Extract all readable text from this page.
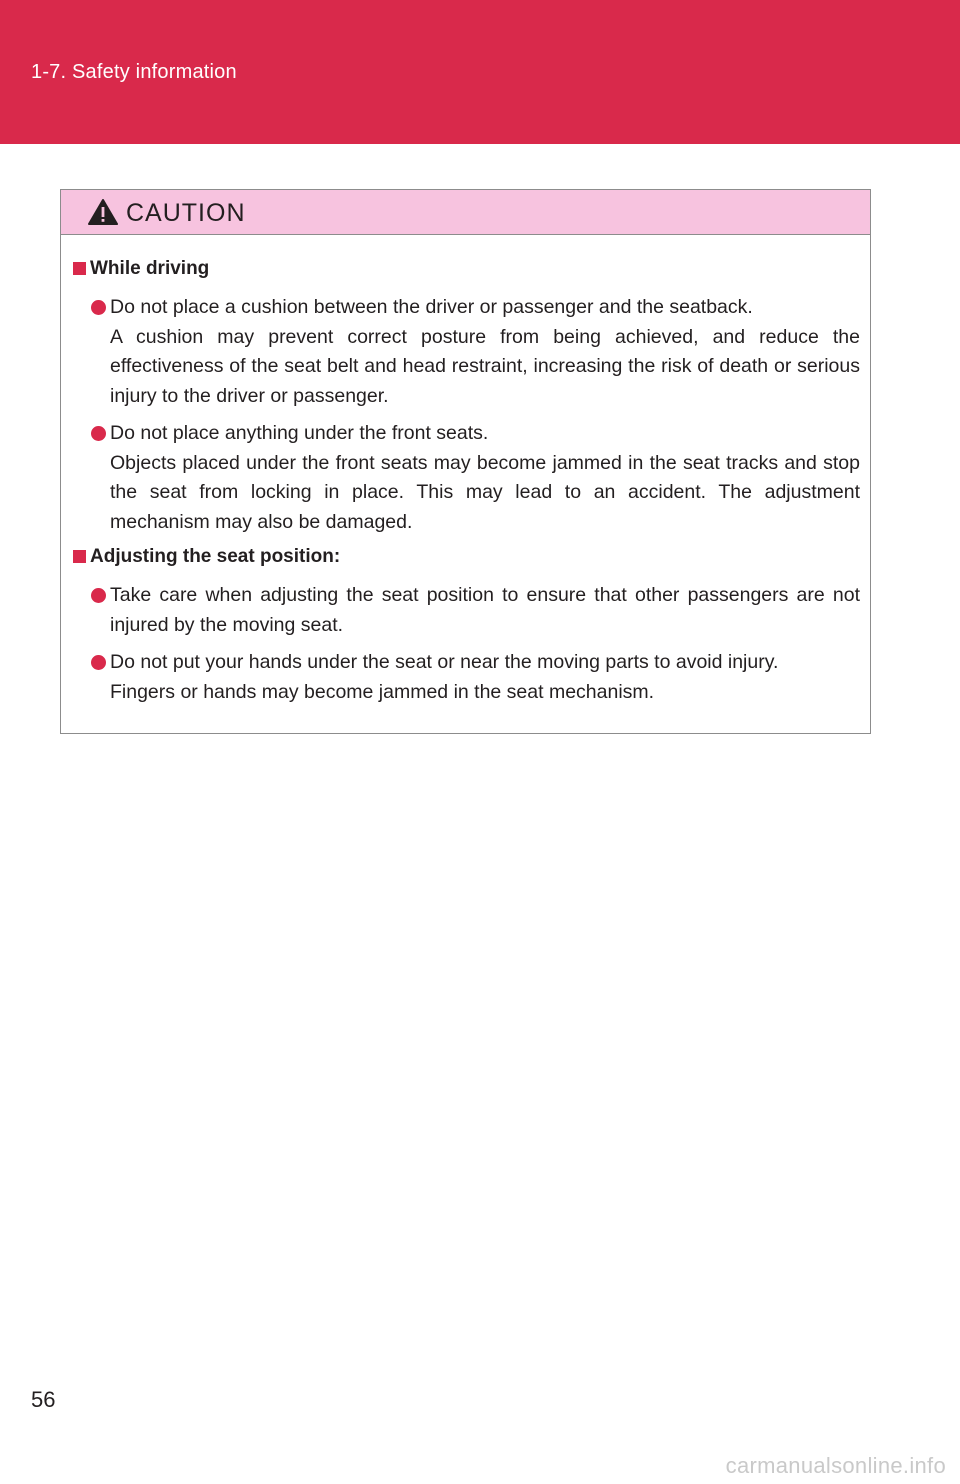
1-7. Safety information
CAUTION
While driving

Do not place a cushion between the driver or passenger and the seatback.

A cushion may prevent correct posture from being achieved, and reduce the effectiveness of the seat belt and head restraint, increasing the risk of death or serious injury to the driver or passenger.

Do not place anything under the front seats.

Objects placed under the front seats may become jammed in the seat tracks and stop the seat from locking in place. This may lead to an accident. The adjustment mechanism may also be damaged.

Adjusting the seat position:

Take care when adjusting the seat position to ensure that other passengers are not injured by the moving seat.

Do not put your hands under the seat or near the moving parts to avoid injury.

Fingers or hands may become jammed in the seat mechanism.

56
carmanualsonline.info
